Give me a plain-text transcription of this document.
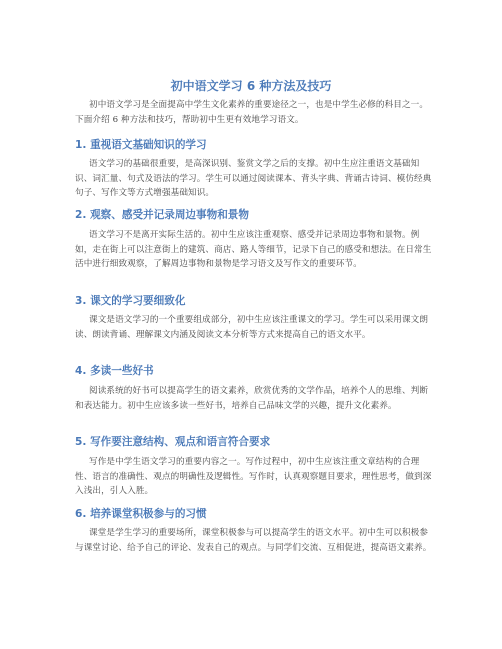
初中语文学习 6 种方法及技巧
初中语文学习是全面提高中学生文化素养的重要途径之一，也是中学生必修的科目之一。下面介绍 6 种方法和技巧，帮助初中生更有效地学习语文。
1. 重视语文基础知识的学习
语文学习的基础很重要，是高深识别、鉴赏文学之后的支撑。初中生应注重语文基础知识、词汇量、句式及语法的学习。学生可以通过阅读课本、背头字典、背诵古诗词、模仿经典句子、写作文等方式增强基础知识。
2. 观察、感受并记录周边事物和景物
语文学习不是离开实际生活的。初中生应该注重观察、感受并记录周边事物和景物。例如，走在街上可以注意街上的建筑、商店、路人等细节，记录下自己的感受和想法。在日常生活中进行细致观察，了解周边事物和景物是学习语文及写作文的重要环节。
3. 课文的学习要细致化
课文是语文学习的一个重要组成部分，初中生应该注重课文的学习。学生可以采用课文朗读、朗读背诵、理解课文内涵及阅读文本分析等方式来提高自己的语文水平。
4. 多读一些好书
阅读系统的好书可以提高学生的语文素养，欣赏优秀的文学作品，培养个人的思维、判断和表达能力。初中生应该多读一些好书，培养自己品味文学的兴趣，提升文化素养。
5. 写作要注意结构、观点和语言符合要求
写作是中学生语文学习的重要内容之一。写作过程中，初中生应该注重文章结构的合理性、语言的准确性、观点的明确性及逻辑性。写作时，认真观察题目要求，理性思考，做到深入浅出，引人入胜。
6. 培养课堂积极参与的习惯
课堂是学生学习的重要场所，课堂积极参与可以提高学生的语文水平。初中生可以积极参与课堂讨论、给予自己的评论、发表自己的观点。与同学们交流、互相促进，提高语文素养。
